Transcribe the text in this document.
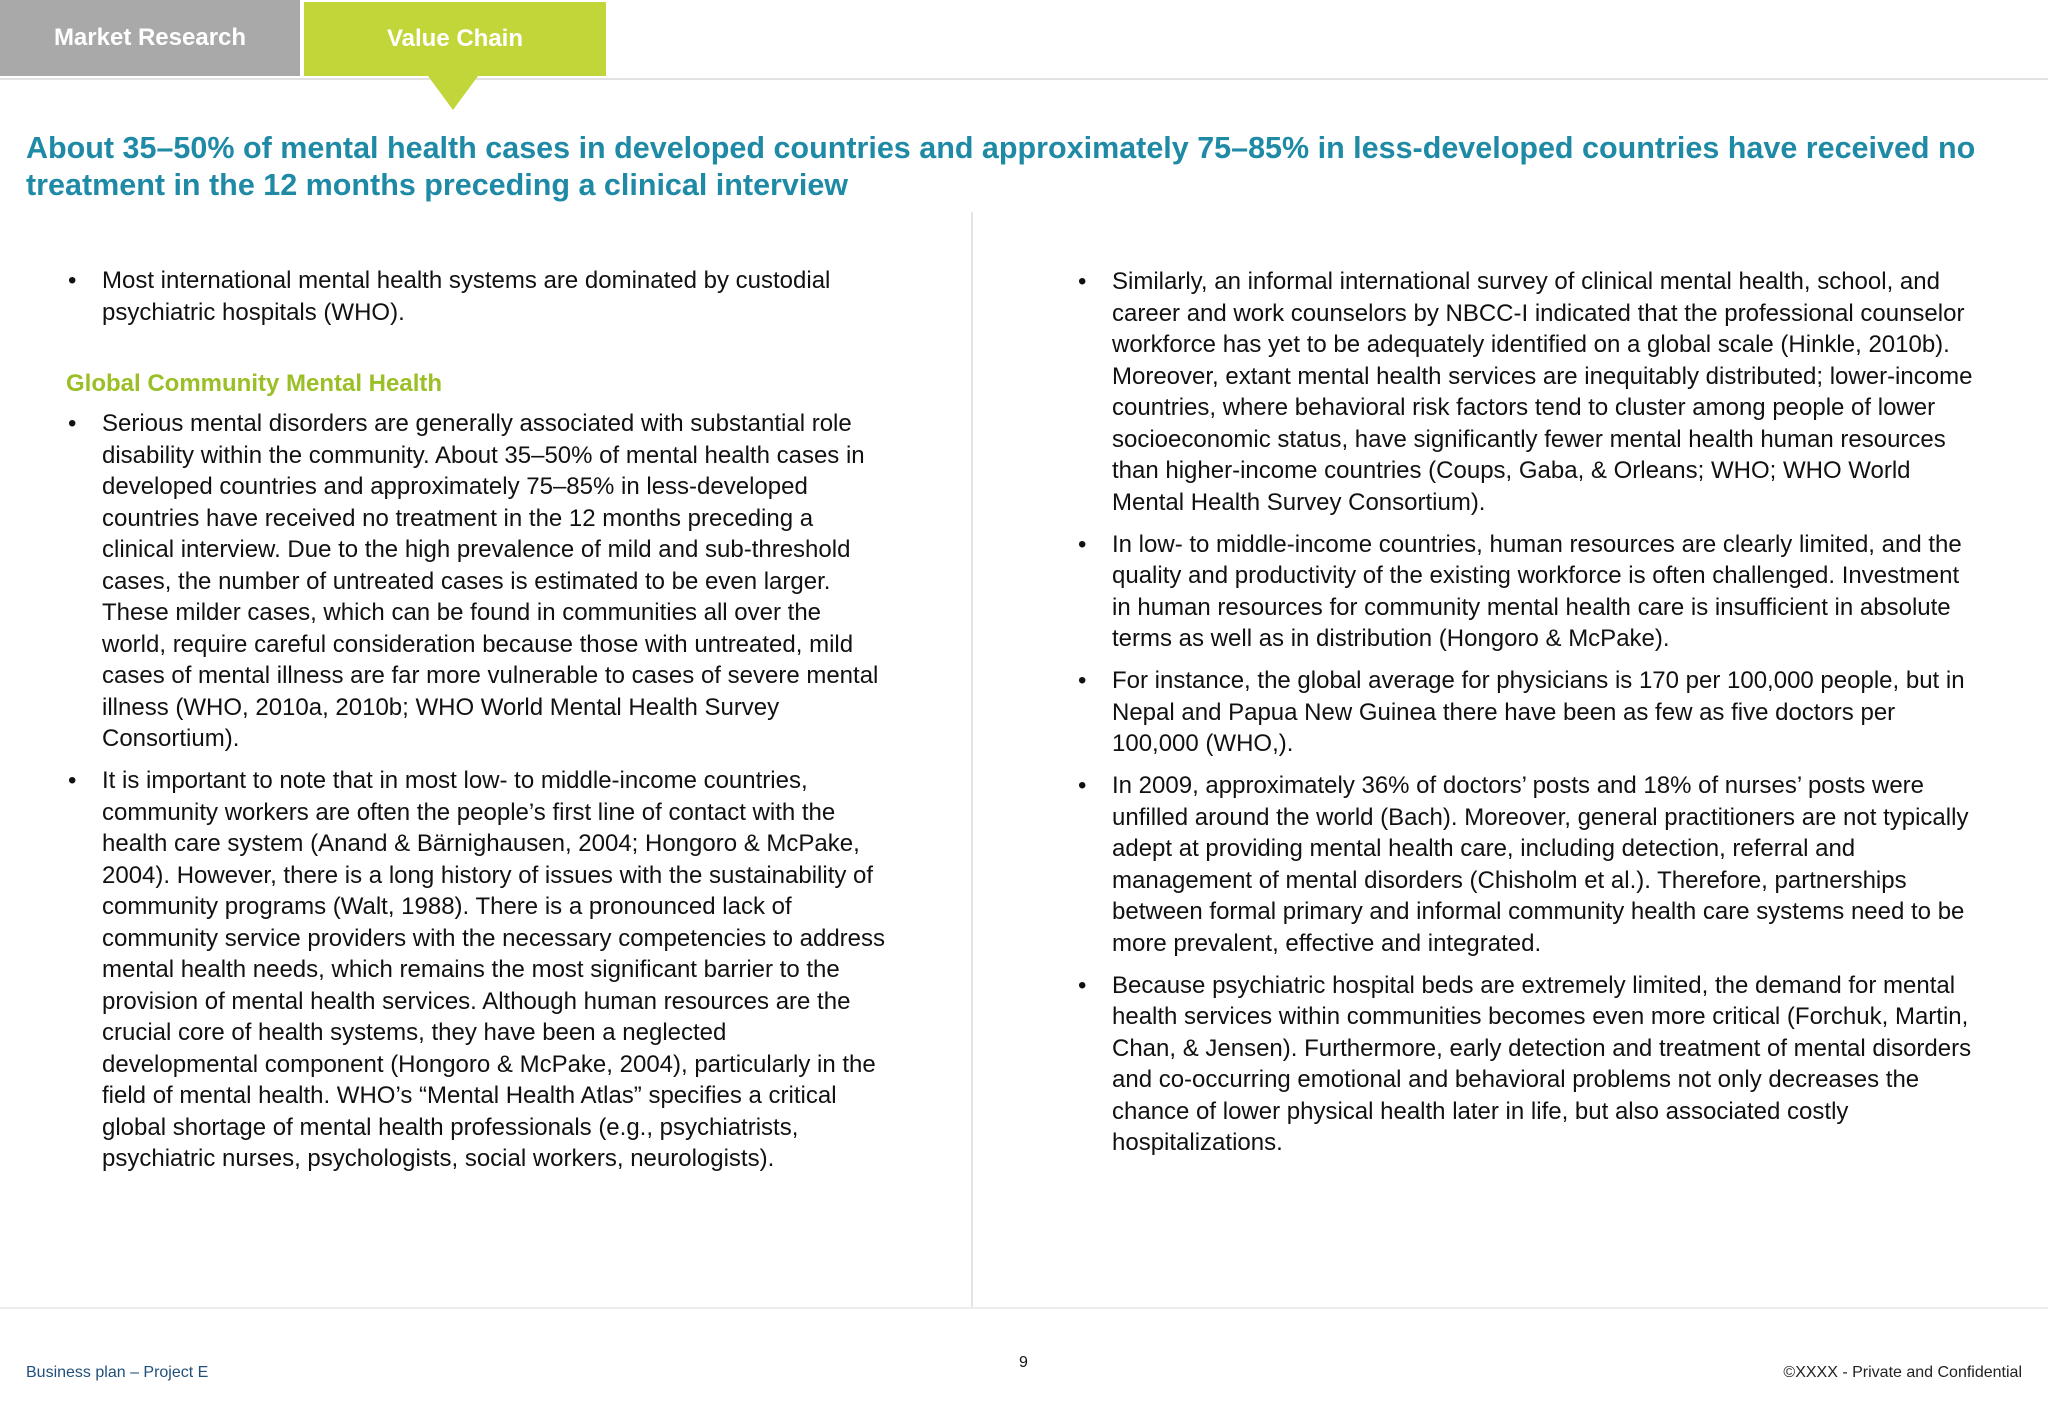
Market Research	Value Chain
About 35–50% of mental health cases in developed countries and approximately 75–85% in less-developed countries have received no treatment in the 12 months preceding a clinical interview
• Most international mental health systems are dominated by custodial psychiatric hospitals (WHO).
Global Community Mental Health
• Serious mental disorders are generally associated with substantial role disability within the community. About 35–50% of mental health cases in developed countries and approximately 75–85% in less-developed countries have received no treatment in the 12 months preceding a clinical interview. Due to the high prevalence of mild and sub-threshold cases, the number of untreated cases is estimated to be even larger. These milder cases, which can be found in communities all over the world, require careful consideration because those with untreated, mild cases of mental illness are far more vulnerable to cases of severe mental illness (WHO, 2010a, 2010b; WHO World Mental Health Survey Consortium).
• It is important to note that in most low- to middle-income countries, community workers are often the people’s first line of contact with the health care system (Anand & Bärnighausen, 2004; Hongoro & McPake, 2004). However, there is a long history of issues with the sustainability of community programs (Walt, 1988). There is a pronounced lack of community service providers with the necessary competencies to address mental health needs, which remains the most significant barrier to the provision of mental health services. Although human resources are the crucial core of health systems, they have been a neglected developmental component (Hongoro & McPake, 2004), particularly in the field of mental health. WHO’s “Mental Health Atlas” specifies a critical global shortage of mental health professionals (e.g., psychiatrists, psychiatric nurses, psychologists, social workers, neurologists).
• Similarly, an informal international survey of clinical mental health, school, and career and work counselors by NBCC-I indicated that the professional counselor workforce has yet to be adequately identified on a global scale (Hinkle, 2010b). Moreover, extant mental health services are inequitably distributed; lower-income countries, where behavioral risk factors tend to cluster among people of lower socioeconomic status, have significantly fewer mental health human resources than higher-income countries (Coups, Gaba, & Orleans; WHO; WHO World Mental Health Survey Consortium).
• In low- to middle-income countries, human resources are clearly limited, and the quality and productivity of the existing workforce is often challenged. Investment in human resources for community mental health care is insufficient in absolute terms as well as in distribution (Hongoro & McPake).
• For instance, the global average for physicians is 170 per 100,000 people, but in Nepal and Papua New Guinea there have been as few as five doctors per 100,000 (WHO,).
• In 2009, approximately 36% of doctors’ posts and 18% of nurses’ posts were unfilled around the world (Bach). Moreover, general practitioners are not typically adept at providing mental health care, including detection, referral and management of mental disorders (Chisholm et al.). Therefore, partnerships between formal primary and informal community health care systems need to be more prevalent, effective and integrated.
• Because psychiatric hospital beds are extremely limited, the demand for mental health services within communities becomes even more critical (Forchuk, Martin, Chan, & Jensen). Furthermore, early detection and treatment of mental disorders and co-occurring emotional and behavioral problems not only decreases the chance of lower physical health later in life, but also associated costly hospitalizations.
Business plan – Project E
9
©XXXX - Private and Confidential
